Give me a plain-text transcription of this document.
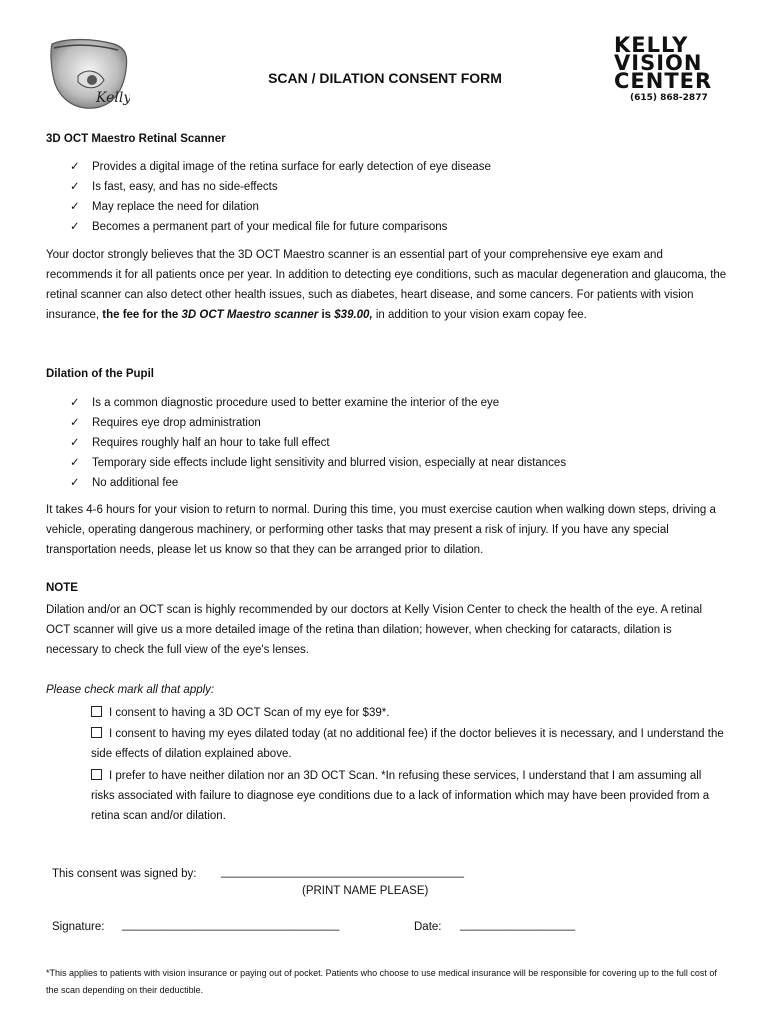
Kelly
SCAN / DILATION CONSENT FORM
KELLY
VISION
CENTER
(615) 868-2877
3D OCT Maestro Retinal Scanner
✓ Provides a digital image of the retina surface for early detection of eye disease
✓ Is fast, easy, and has no side-effects
✓ May replace the need for dilation
✓ Becomes a permanent part of your medical file for future comparisons
Your doctor strongly believes that the 3D OCT Maestro scanner is an essential part of your comprehensive eye exam and recommends it for all patients once per year. In addition to detecting eye conditions, such as macular degeneration and glaucoma, the retinal scanner can also detect other health issues, such as diabetes, heart disease, and some cancers. For patients with vision insurance, the fee for the 3D OCT Maestro scanner is $39.00, in addition to your vision exam copay fee.
Dilation of the Pupil
✓ Is a common diagnostic procedure used to better examine the interior of the eye
✓ Requires eye drop administration
✓ Requires roughly half an hour to take full effect
✓ Temporary side effects include light sensitivity and blurred vision, especially at near distances
✓ No additional fee
It takes 4-6 hours for your vision to return to normal. During this time, you must exercise caution when walking down steps, driving a vehicle, operating dangerous machinery, or performing other tasks that may present a risk of injury. If you have any special transportation needs, please let us know so that they can be arranged prior to dilation.
NOTE
Dilation and/or an OCT scan is highly recommended by our doctors at Kelly Vision Center to check the health of the eye. A retinal OCT scanner will give us a more detailed image of the retina than dilation; however, when checking for cataracts, dilation is necessary to check the full view of the eye's lenses.
Please check mark all that apply:
I consent to having a 3D OCT Scan of my eye for $39*.
I consent to having my eyes dilated today (at no additional fee) if the doctor believes it is necessary, and I understand the side effects of dilation explained above.
I prefer to have neither dilation nor an 3D OCT Scan. *In refusing these services, I understand that I am assuming all risks associated with failure to diagnose eye conditions due to a lack of information which may have been provided from a retina scan and/or dilation.
This consent was signed by: ______________________________________
(PRINT NAME PLEASE)
Signature: __________________________________	Date: __________________
*This applies to patients with vision insurance or paying out of pocket. Patients who choose to use medical insurance will be responsible for covering up to the full cost of the scan depending on their deductible.
